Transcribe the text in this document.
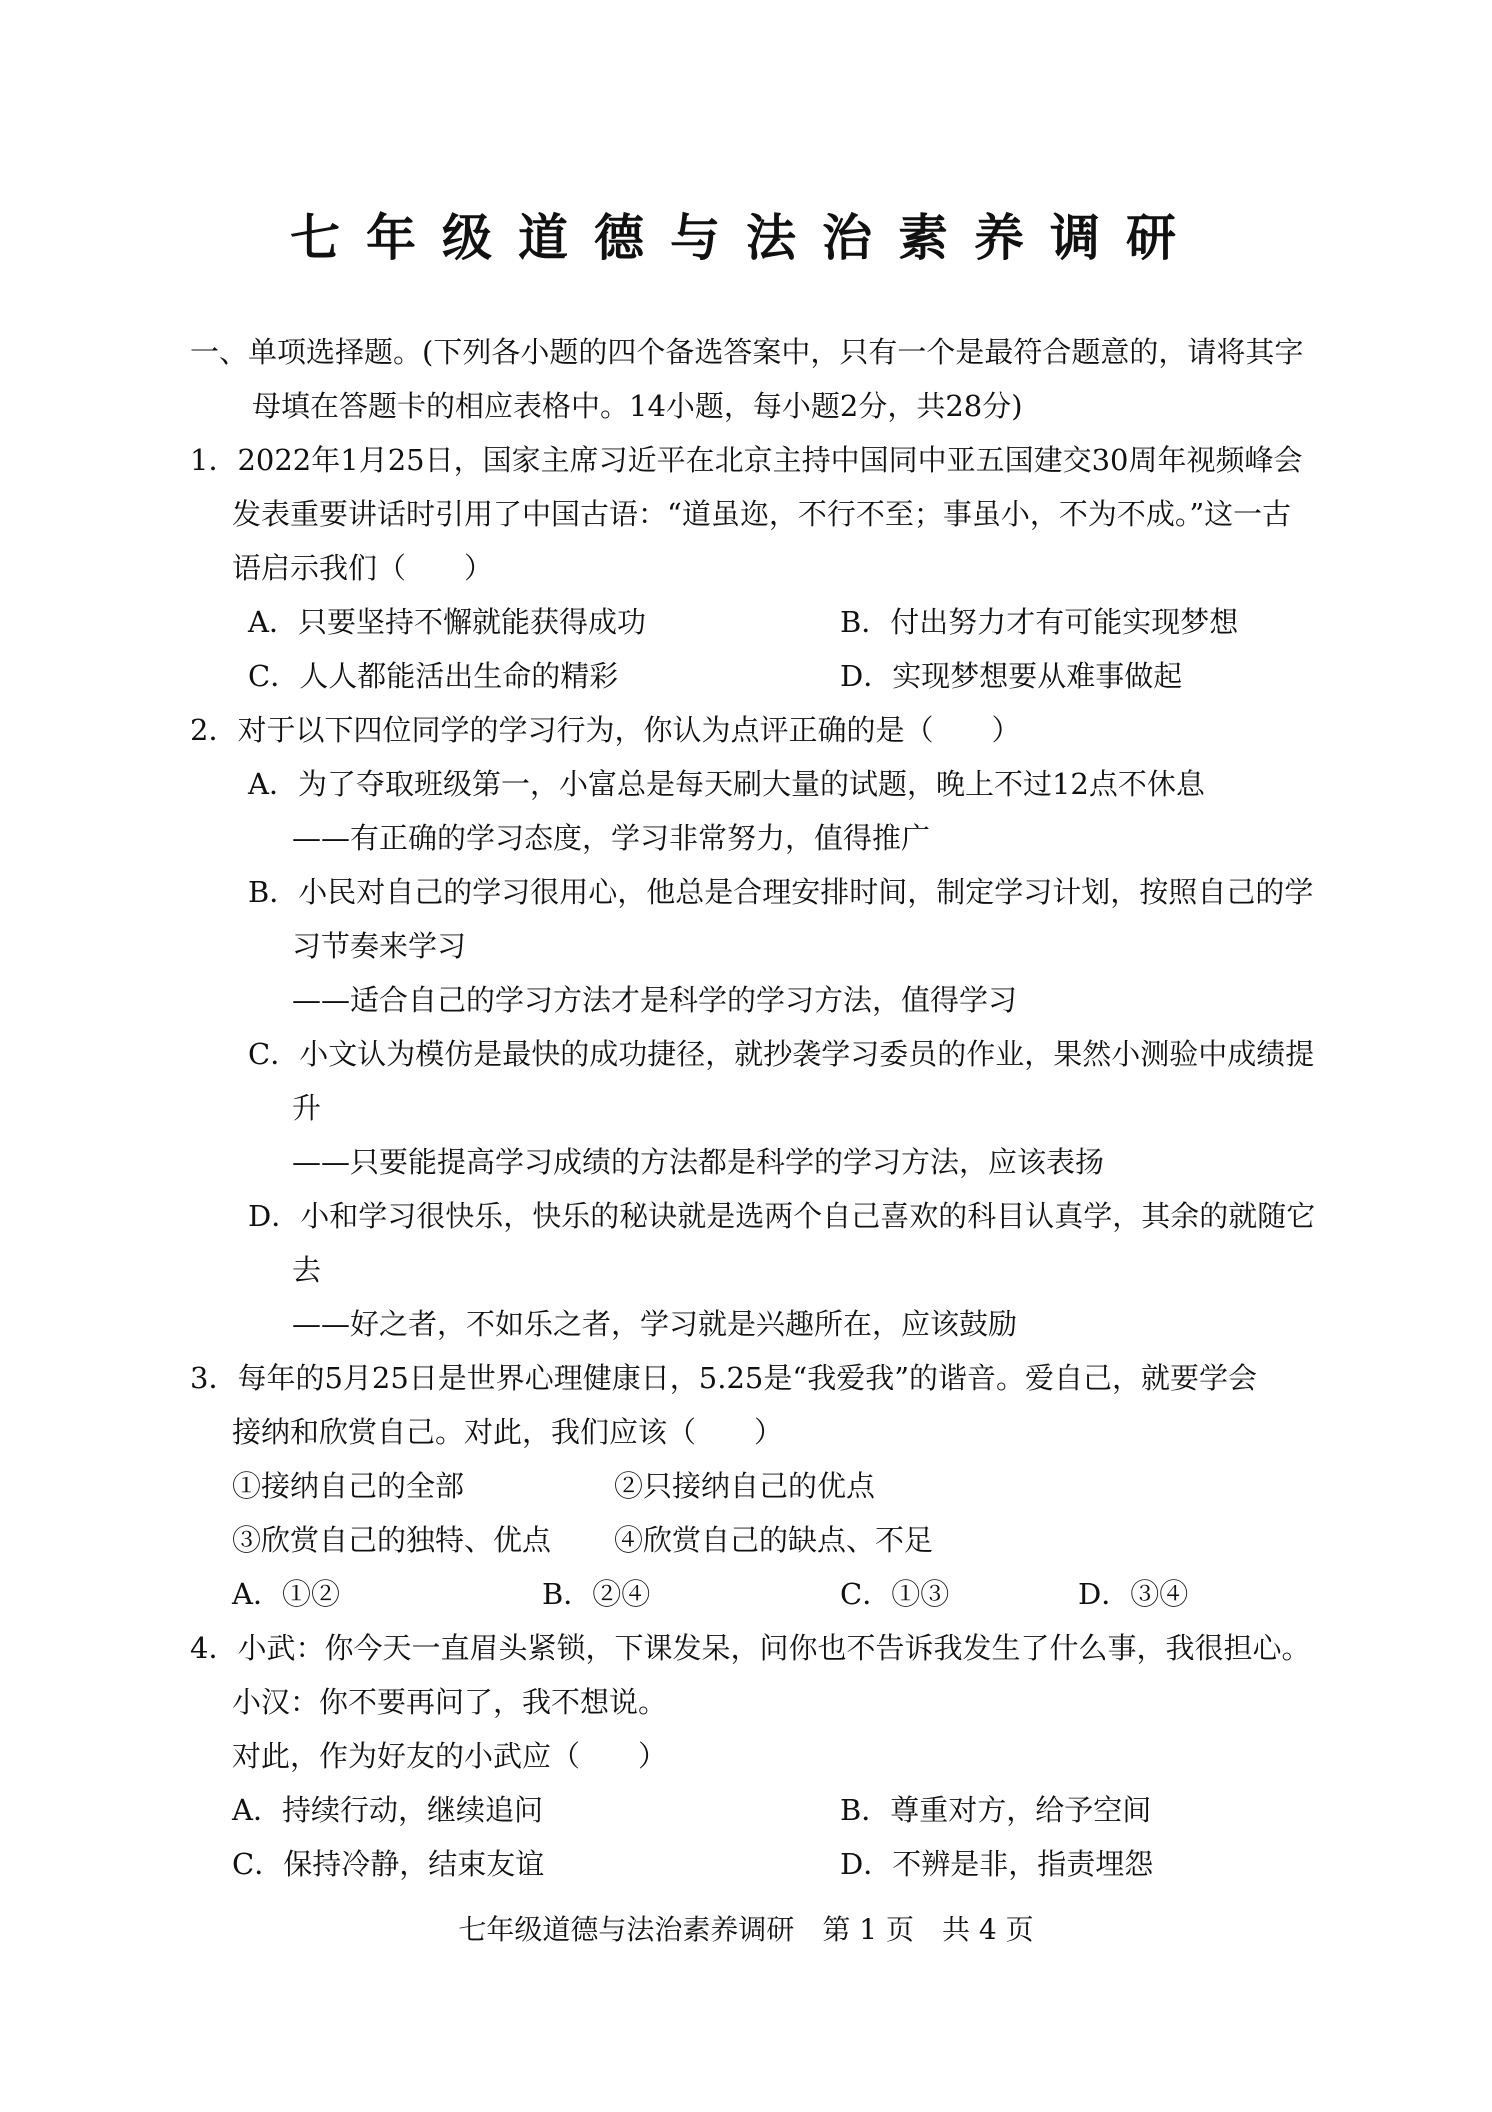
七年级道德与法治素养调研
一、单项选择题。(下列各小题的四个备选答案中，只有一个是最符合题意的，请将其字
母填在答题卡的相应表格中。14小题，每小题2分，共28分)
1．2022年1月25日，国家主席习近平在北京主持中国同中亚五国建交30周年视频峰会
发表重要讲话时引用了中国古语：“道虽迩，不行不至；事虽小，不为不成。”这一古
语启示我们（　　）
A．只要坚持不懈就能获得成功	B．付出努力才有可能实现梦想
C．人人都能活出生命的精彩	D．实现梦想要从难事做起
2．对于以下四位同学的学习行为，你认为点评正确的是（　　）
A．为了夺取班级第一，小富总是每天刷大量的试题，晚上不过12点不休息
——有正确的学习态度，学习非常努力，值得推广
B．小民对自己的学习很用心，他总是合理安排时间，制定学习计划，按照自己的学
习节奏来学习
——适合自己的学习方法才是科学的学习方法，值得学习
C．小文认为模仿是最快的成功捷径，就抄袭学习委员的作业，果然小测验中成绩提
升
——只要能提高学习成绩的方法都是科学的学习方法，应该表扬
D．小和学习很快乐，快乐的秘诀就是选两个自己喜欢的科目认真学，其余的就随它
去
——好之者，不如乐之者，学习就是兴趣所在，应该鼓励
3．每年的5月25日是世界心理健康日，5.25是“我爱我”的谐音。爱自己，就要学会
接纳和欣赏自己。对此，我们应该（　　）
①接纳自己的全部	②只接纳自己的优点
③欣赏自己的独特、优点 ④欣赏自己的缺点、不足
A．①②	B．②④	C．①③	D．③④
4．小武：你今天一直眉头紧锁，下课发呆，问你也不告诉我发生了什么事，我很担心。
小汉：你不要再问了，我不想说。
对此，作为好友的小武应（　　）
A．持续行动，继续追问	B．尊重对方，给予空间
C．保持冷静，结束友谊	D．不辨是非，指责埋怨
七年级道德与法治素养调研　第 1 页　共 4 页
